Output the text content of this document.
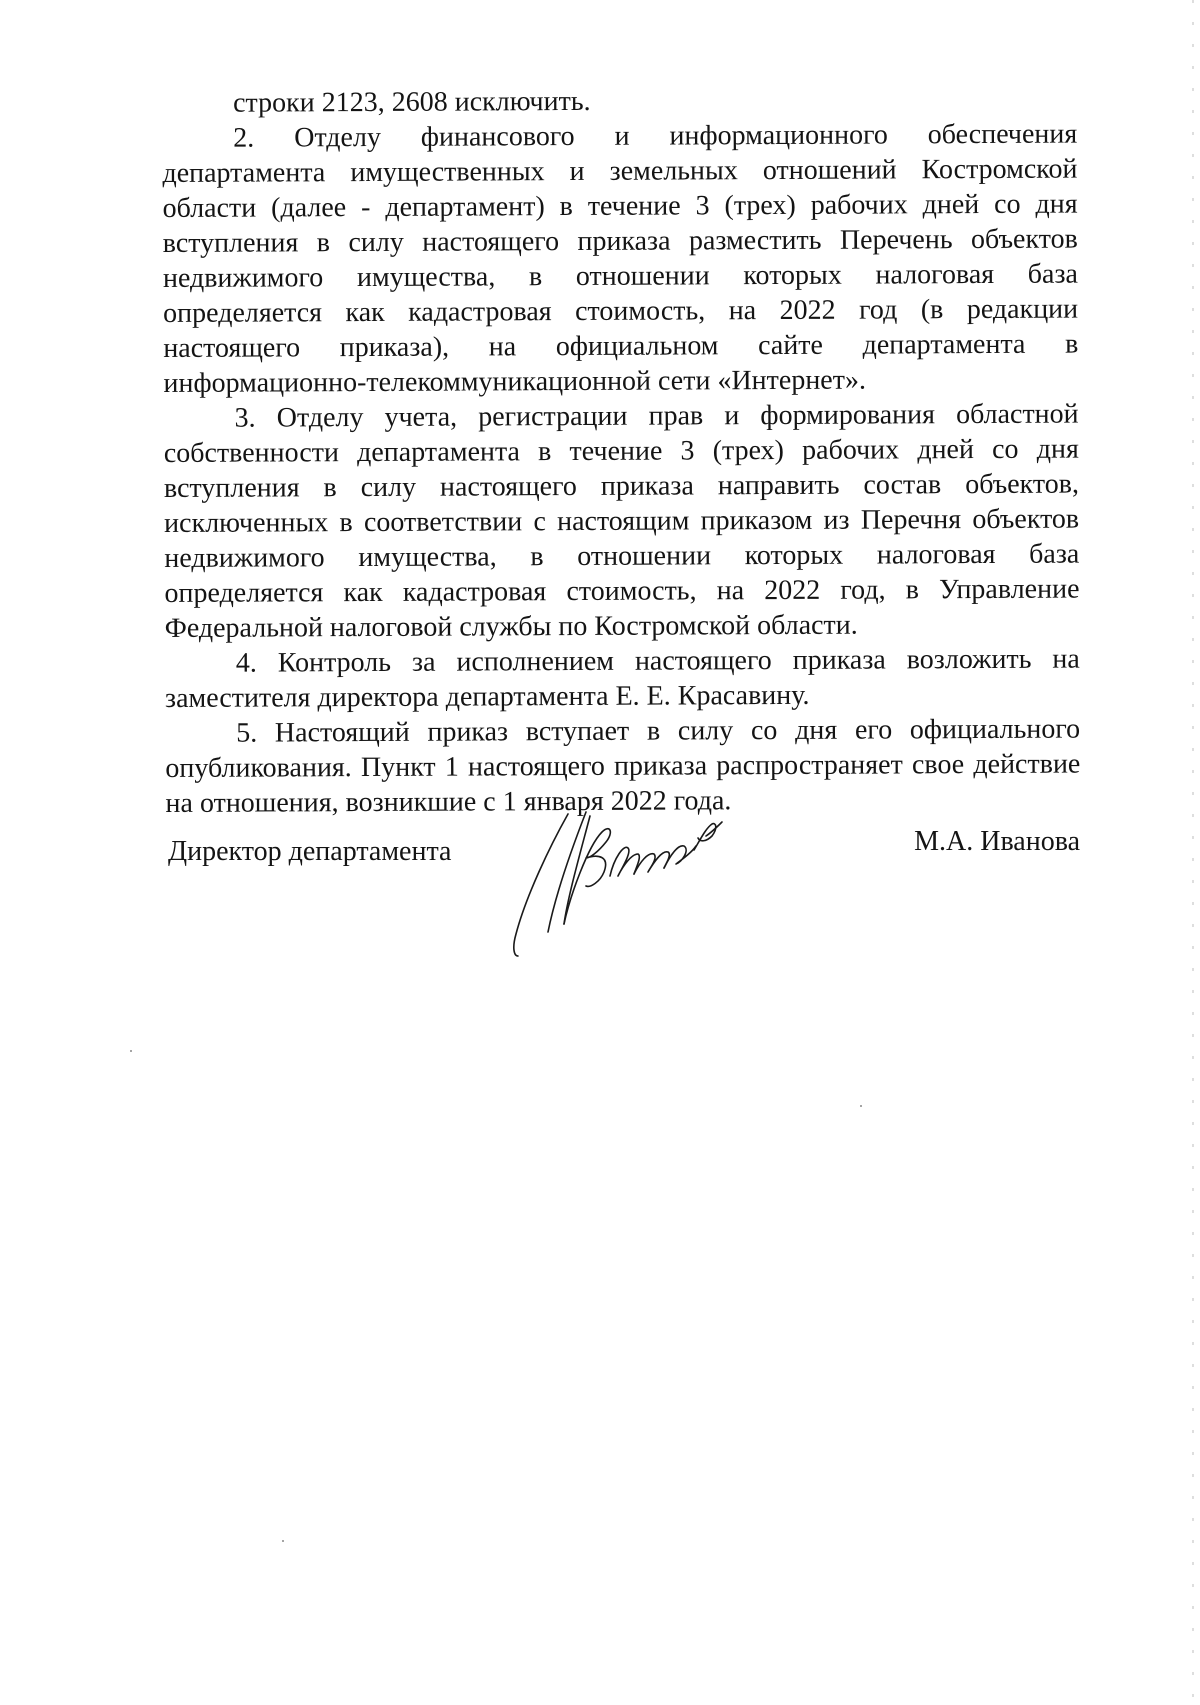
строки 2123, 2608 исключить.

2. Отделу финансового и информационного обеспечения департамента имущественных и земельных отношений Костромской области (далее - департамент) в течение 3 (трех) рабочих дней со дня вступления в силу настоящего приказа разместить Перечень объектов недвижимого имущества, в отношении которых налоговая база определяется как кадастровая стоимость, на 2022 год (в редакции настоящего приказа), на официальном сайте департамента в информационно-телекоммуникационной сети «Интернет».

3. Отделу учета, регистрации прав и формирования областной собственности департамента в течение 3 (трех) рабочих дней со дня вступления в силу настоящего приказа направить состав объектов, исключенных в соответствии с настоящим приказом из Перечня объектов недвижимого имущества, в отношении которых налоговая база определяется как кадастровая стоимость, на 2022 год, в Управление Федеральной налоговой службы по Костромской области.

4. Контроль за исполнением настоящего приказа возложить на заместителя директора департамента Е. Е. Красавину.

5. Настоящий приказ вступает в силу со дня его официального опубликования. Пункт 1 настоящего приказа распространяет свое действие на отношения, возникшие с 1 января 2022 года.

Директор департамента	М.А. Иванова
